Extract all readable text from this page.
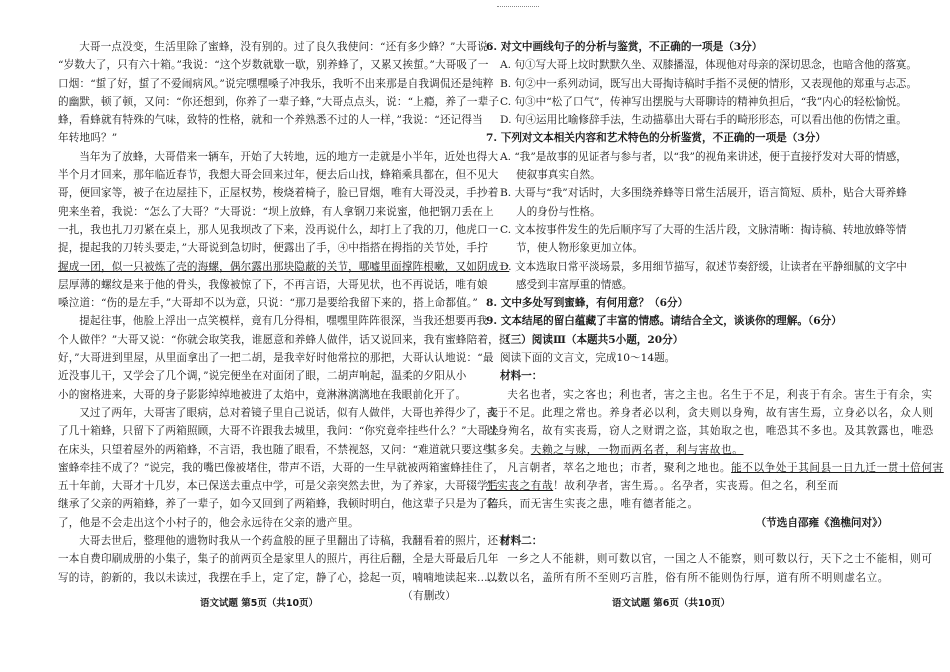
大哥一点没变，生活里除了蜜蜂，没有别的。过了良久我使问：“还有多少蜂？”大哥说：

“岁数大了，只有六十箱。”我说：“这个岁数就歇一歇，别养蜂了，又累又挨蜇。”大哥吸了一

口烟：“蜇了好，蜇了不爱闹病风。”说完嘿嘿嗓子冲我乐，我听不出来那是自我调侃还是纯粹

的幽默，顿了顿，又问：“你还想到，你养了一辈子蜂，”大哥点点头，说：“上瘾，养了一辈子

蜂，看蜂就有特殊的气味，致特的性格，就和一个养熟悉不过的人一样，”我说：“还记得当

年转地吗？”

当年为了放蜂，大哥借来一辆车，开始了大转地，远的地方一走就是小半年，近处也得大

半个月才回来，那年临近春节，我想大哥会回来过年，便去后山找，蜂箱乘具都在，但不见大

哥，便回家等，被子在边屋挂下，正屋权势，梭烧着椅子，脸已冒烟，唯有大哥没灵，手抄着

兜来坐着，我说：“怎么了大哥？”大哥说：“坝上放蜂，有人拿钢刀来说蜜，他把钢刀丢在上

一扎，我也扎刀刃紧在桌上，那人见我坝改了下来，没再说什么，却打上了我的刀，他虎口一

捉，提起我的刀转头要走，”大哥说到急切时，便露出了手，④中指搭在拇指的关节处，手拧

握成一团，似一只被炼了壳的海螺，偶尔露出那块隐蔽的关节，哪嘘里面撑阵根嗽，又如阴成一

层厚薄的螺纹是来于他的骨头，我像被惊了下，不再言语，大哥见状，也不再说话，唯有娘

嗓泣道：“伤的是左手，”大哥却不以为意，只说：“那刀是要给我留下来的，搭上命都值。”

提起往事，他脸上浮出一点笑模样，竟有几分得相，嘿嘿里阵阵很深，当我还想要再我

个人做伴？”大哥又说：“你就会取笑我，谁愿意和养蜂人做伴，话又说回来，我有蜜蜂陪着，挺

好，”大哥进到里屋，从里面拿出了一把二胡，是我幸好时他常拉的那把，大哥认认地说：“最

近没事儿干，又学会了几个调，”说完便坐在对面闭了眼，二胡声响起，温柔的夕阳从小

小的窗格进来，大哥的身子影影绰绰地被进了太焰中，竟淋淋漓漓地在我眼前化开了。

又过了两年，大哥害了眼病，总对着镜子里自己说话，似有人做伴，大哥也养得少了，卖

了几十箱蜂，只留下了两箱照顾，大哥不许跟我去城里，我问：“你究竟牵挂些什么？”大哥坐

在床头，只望着屋外的两箱蜂，不言语，我也随了眼看，不禁视怒，又问：“难道就只要这些

蜜蜂牵挂不成了？”说完，我的嘴巴像被堵住，带声不语，大哥的一生早就被两箱蜜蜂挂住了，

五十年前，大哥才十几岁，本已保送去重点中学，可是父亲突然去世，为了养家，大哥辍学后

继承了父亲的两箱蜂，养了一辈子，如今又回到了两箱蜂，我顿时明白，他这辈子只是为了陪

了，他是不会走出这个小村子的，他会永远待在父亲的遗产里。

大哥去世后，整理他的遗物时我从一个药盒般的匣子里翻出了诗稿，我翻看着的照片，还有

一本自费印刷成册的小集子，集子的前两页全是家里人的照片，再往后翻，全是大哥最后几年

写的诗，韵新的，我以未读过，我摆在手上，定了定，静了心，捻起一页，喃喃地读起来……

（有删改）

语文试题 第5页（共10页）

6. 对文中画线句子的分析与鉴赏，不正确的一项是（3分）

A. 句①写大哥上坟时默默久坐、双膝播湿，体现他对母亲的深切思念，也暗含他的落寞。

B. 句②中一系列动词，既写出大哥掏诗稿时手指不灵便的情形，又表现他的郑重与忐忑。

C. 句③中“松了口气”，传神写出摆脱与大哥聊诗的精神负担后，“我”内心的轻松愉悦。

D. 句④运用比喻修辞手法，生动描摹出大哥右手的畸形形态，可以看出他的伤情之重。

7. 下列对文本相关内容和艺术特色的分析鉴赏，不正确的一项是（3分）

A. “我”是故事的见证者与参与者，以“我”的视角来讲述，便于直接抒发对大哥的情感，

使叙事真实自然。

B. 大哥与“我”对话时，大多围绕养蜂等日常生活展开，语言简短、质朴，贴合大哥养蜂

人的身份与性格。

C. 文本按事件发生的先后顺序写了大哥的生活片段，文脉清晰：掏诗稿、转地放蜂等情

节，使人物形象更加立体。

D. 文本选取日常平淡场景，多用细节描写，叙述节奏舒缓，让读者在平静细腻的文字中

感受到丰富厚重的情感。

8. 文中多处写到蜜蜂，有何用意？（6分）

9. 文本结尾的留白蕴藏了丰富的情感。请结合全文，谈谈你的理解。（6分）

（三）阅读Ⅲ（本题共5小题，20分）

阅读下面的文言文，完成10～14题。

材料一：

夫名也者，实之客也；利也者，害之主也。名生于不足，利丧于有余。害生于有余，实

丧于不足。此理之常也。养身者必以利，贪夫则以身殉，故有害生焉，立身必以名，众人则

以身殉名，故有实丧焉，窃人之财谓之盗，其始取之也，唯恐其不多也。及其敦露也，唯恐

其多矣。夫赖之与赇，一物而两名者，利与害故也。

凡言朝者，萃名之地也；市者，聚利之地也。能不以争处于其间县一日九迁一贯十倍何害

生实丧之有哉！故利孕者，害生焉。。名孕者，实丧焉。但之名，利至而

名兵，而无害生实丧之患，唯有德者能之。

（节选自邵雍《渔樵问对》）

材料二：

一乡之人不能耕，则可数以官，一国之人不能察，则可数以行，天下之士不能相，则可

以数以名，盖所有所不至则巧言胜，俗有所不能则伪行厚，道有所不明则虚名立。

语文试题 第6页（共10页）
